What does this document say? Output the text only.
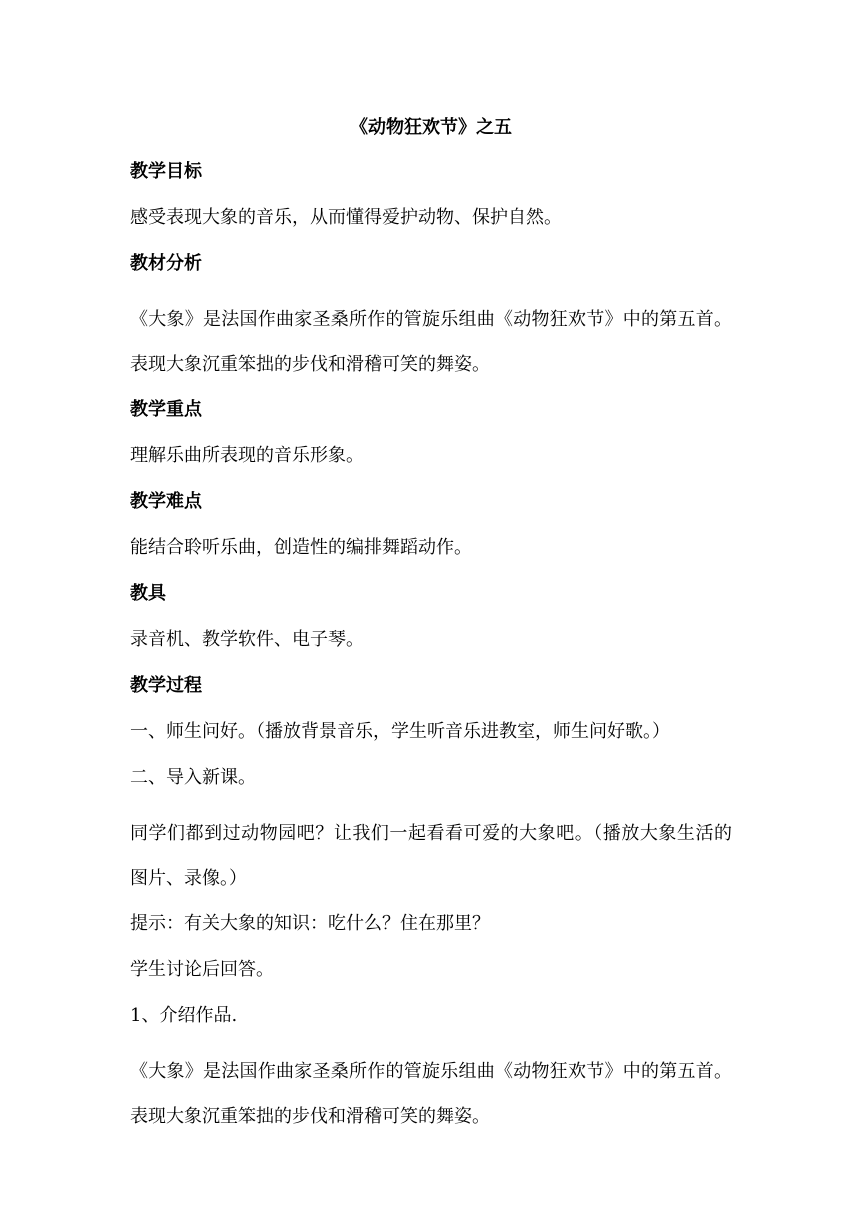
《动物狂欢节》之五
教学目标
感受表现大象的音乐，从而懂得爱护动物、保护自然。
教材分析
《大象》是法国作曲家圣桑所作的管旋乐组曲《动物狂欢节》中的第五首。表现大象沉重笨拙的步伐和滑稽可笑的舞姿。
教学重点
理解乐曲所表现的音乐形象。
教学难点
能结合聆听乐曲，创造性的编排舞蹈动作。
教具
录音机、教学软件、电子琴。
教学过程
一、师生问好。（播放背景音乐，学生听音乐进教室，师生问好歌。）
二、导入新课。
同学们都到过动物园吧？让我们一起看看可爱的大象吧。（播放大象生活的图片、录像。）
提示：有关大象的知识：吃什么？住在那里？
学生讨论后回答。
1、介绍作品.
《大象》是法国作曲家圣桑所作的管旋乐组曲《动物狂欢节》中的第五首。表现大象沉重笨拙的步伐和滑稽可笑的舞姿。
